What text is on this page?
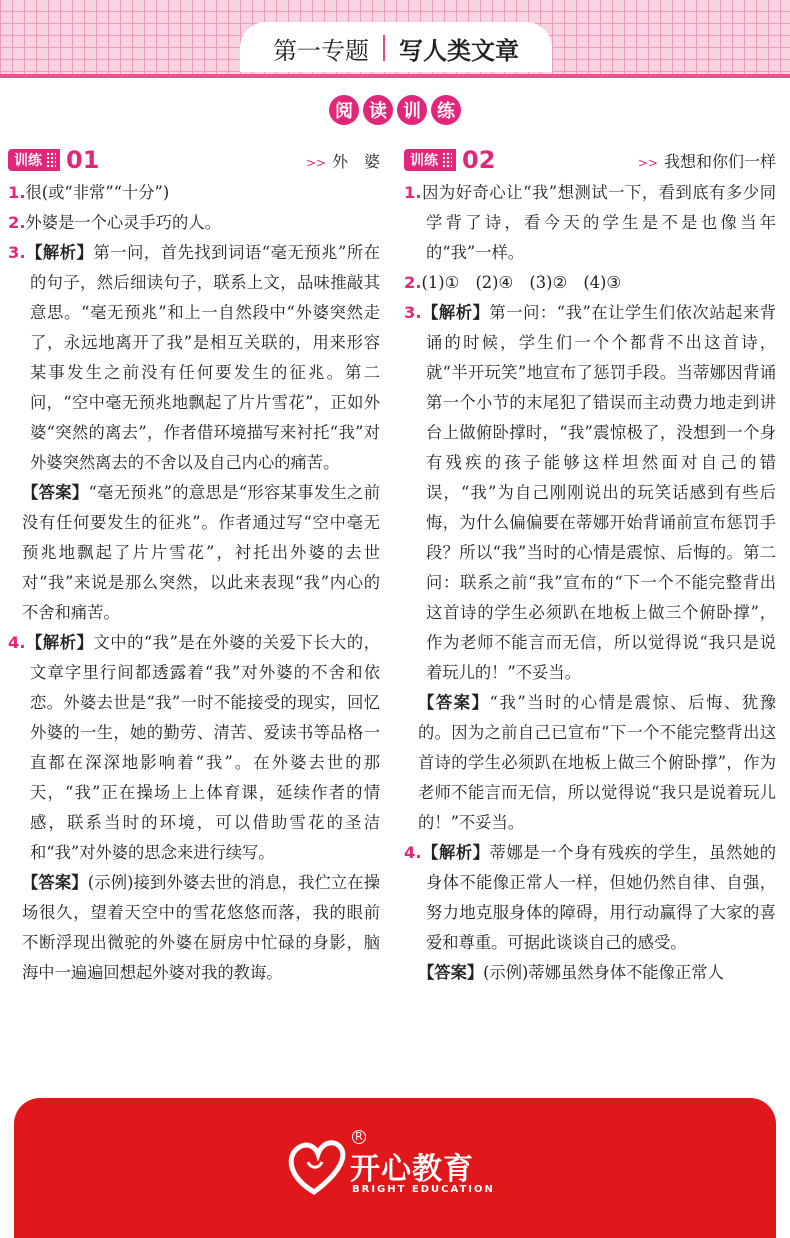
第一专题 写人类文章
阅 读 训 练
训练 01	>> 外　婆

1.很(或“非常”“十分”)

2.外婆是一个心灵手巧的人。

3.【解析】第一问，首先找到词语“毫无预兆”所在的句子，然后细读句子，联系上文，品味推敲其意思。“毫无预兆”和上一自然段中“外婆突然走了，永远地离开了我”是相互关联的，用来形容某事发生之前没有任何要发生的征兆。第二问，“空中毫无预兆地飘起了片片雪花”，正如外婆“突然的离去”，作者借环境描写来衬托“我”对外婆突然离去的不舍以及自己内心的痛苦。

【答案】“毫无预兆”的意思是“形容某事发生之前没有任何要发生的征兆”。作者通过写“空中毫无预兆地飘起了片片雪花”，衬托出外婆的去世对“我”来说是那么突然，以此来表现“我”内心的不舍和痛苦。

4.【解析】文中的“我”是在外婆的关爱下长大的，文章字里行间都透露着“我”对外婆的不舍和依恋。外婆去世是“我”一时不能接受的现实，回忆外婆的一生，她的勤劳、清苦、爱读书等品格一直都在深深地影响着“我”。在外婆去世的那天，“我”正在操场上上体育课，延续作者的情感，联系当时的环境，可以借助雪花的圣洁和“我”对外婆的思念来进行续写。

【答案】(示例)接到外婆去世的消息，我伫立在操场很久，望着天空中的雪花悠悠而落，我的眼前不断浮现出微驼的外婆在厨房中忙碌的身影，脑海中一遍遍回想起外婆对我的教诲。

训练 02	>> 我想和你们一样

1.因为好奇心让“我”想测试一下，看到底有多少同学背了诗，看今天的学生是不是也像当年的“我”一样。

2.(1)①　(2)④　(3)②　(4)③

3.【解析】第一问：“我”在让学生们依次站起来背诵的时候，学生们一个个都背不出这首诗，就“半开玩笑”地宣布了惩罚手段。当蒂娜因背诵第一个小节的末尾犯了错误而主动费力地走到讲台上做俯卧撑时，“我”震惊极了，没想到一个身有残疾的孩子能够这样坦然面对自己的错误，“我”为自己刚刚说出的玩笑话感到有些后悔，为什么偏偏要在蒂娜开始背诵前宣布惩罚手段？所以“我”当时的心情是震惊、后悔的。第二问：联系之前“我”宣布的“下一个不能完整背出这首诗的学生必须趴在地板上做三个俯卧撑”，作为老师不能言而无信，所以觉得说“我只是说着玩儿的！”不妥当。

【答案】“我”当时的心情是震惊、后悔、犹豫的。因为之前自己已宣布“下一个不能完整背出这首诗的学生必须趴在地板上做三个俯卧撑”，作为老师不能言而无信，所以觉得说“我只是说着玩儿的！”不妥当。

4.【解析】蒂娜是一个身有残疾的学生，虽然她的身体不能像正常人一样，但她仍然自律、自强，努力地克服身体的障碍，用行动赢得了大家的喜爱和尊重。可据此谈谈自己的感受。

【答案】(示例)蒂娜虽然身体不能像正常人

R
开心教育
BRIGHT EDUCATION
